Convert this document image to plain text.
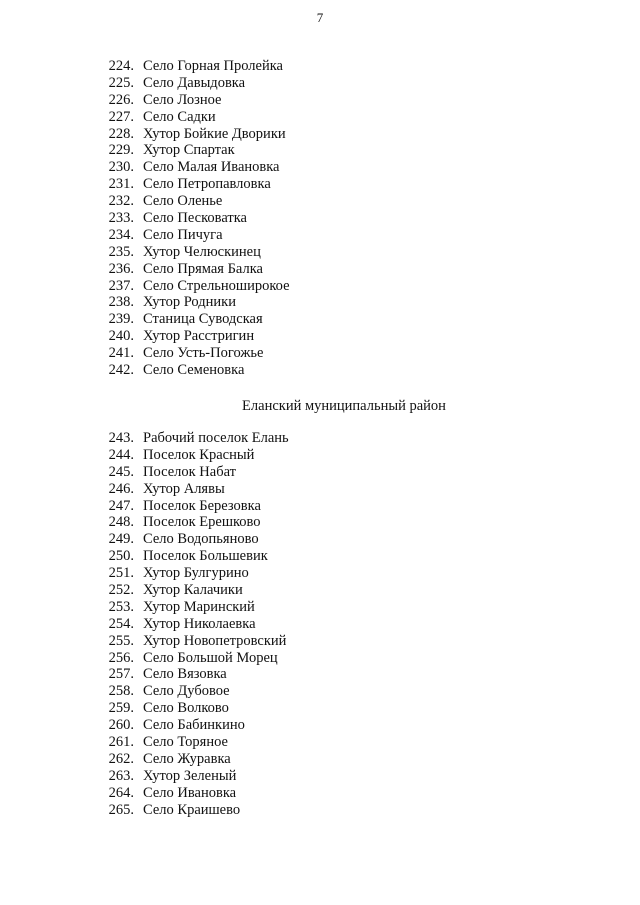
7
224. Село Горная Пролейка
225. Село Давыдовка
226. Село Лозное
227. Село Садки
228. Хутор Бойкие Дворики
229. Хутор Спартак
230. Село Малая Ивановка
231. Село Петропавловка
232. Село Оленье
233. Село Песковатка
234. Село Пичуга
235. Хутор Челюскинец
236. Село Прямая Балка
237. Село Стрельноширокое
238. Хутор Родники
239. Станица Суводская
240. Хутор Расстригин
241. Село Усть-Погожье
242. Село Семеновка
Еланский муниципальный район
243. Рабочий поселок Елань
244. Поселок Красный
245. Поселок Набат
246. Хутор Алявы
247. Поселок Березовка
248. Поселок Ерешково
249. Село Водопьяново
250. Поселок Большевик
251. Хутор Булгурино
252. Хутор Калачики
253. Хутор Маринский
254. Хутор Николаевка
255. Хутор Новопетровский
256. Село Большой Морец
257. Село Вязовка
258. Село Дубовое
259. Село Волково
260. Село Бабинкино
261. Село Торяное
262. Село Журавка
263. Хутор Зеленый
264. Село Ивановка
265. Село Краишево
